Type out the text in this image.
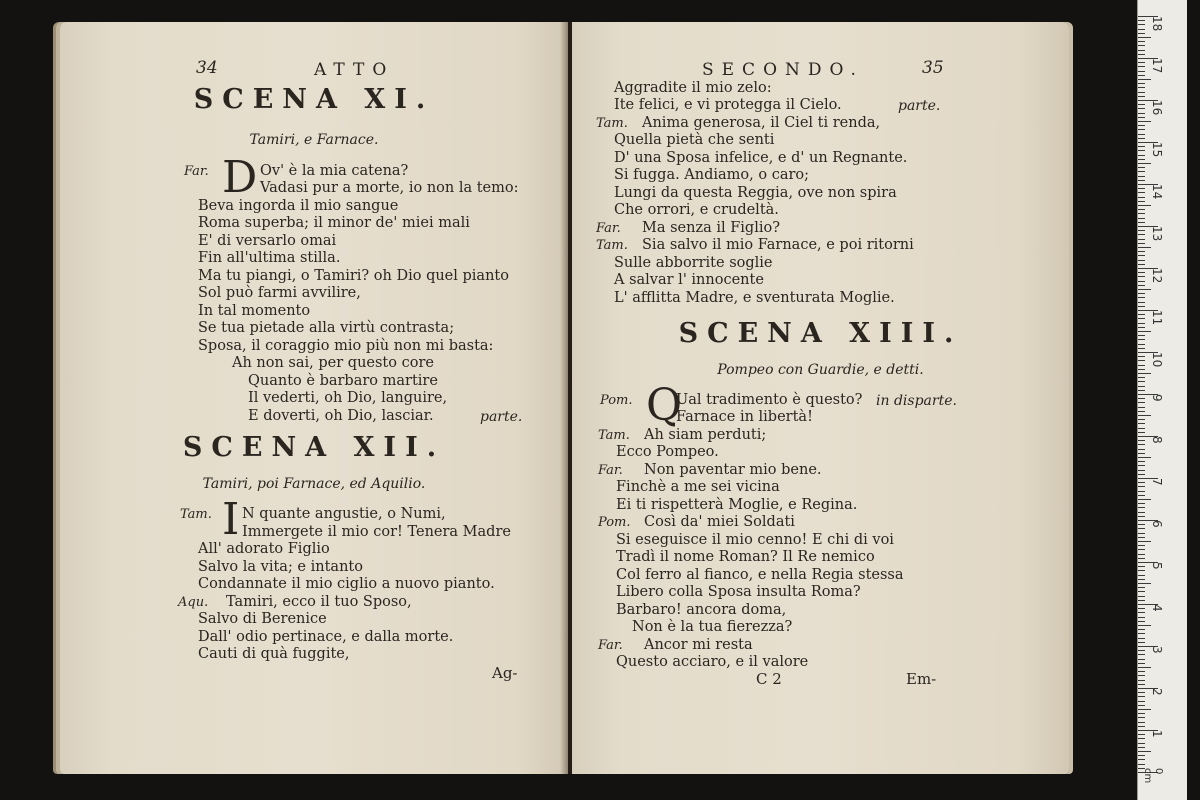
34	ATTO
SCENA XI.
Tamiri, e Farnace.
Far. D Ov' è la mia catena?
Vadasi pur a morte, io non la temo:
Beva ingorda il mio sangue
Roma superba; il minor de' miei mali
E' di versarlo omai
Fin all'ultima stilla.
Ma tu piangi, o Tamiri? oh Dio quel pianto
Sol può farmi avvilire,
In tal momento
Se tua pietade alla virtù contrasta;
Sposa, il coraggio mio più non mi basta:
Ah non sai, per questo core
Quanto è barbaro martire
Il vederti, oh Dio, languire,
E doverti, oh Dio, lasciar.	parte.
SCENA XII.
Tamiri, poi Farnace, ed Aquilio.
Tam. I N quante angustie, o Numi,
Immergete il mio cor! Tenera Madre
All' adorato Figlio
Salvo la vita; e intanto
Condannate il mio ciglio a nuovo pianto.
Aqu. Tamiri, ecco il tuo Sposo,
Salvo di Berenice
Dall' odio pertinace, e dalla morte.
Cauti di quà fuggite,
Ag-
SECONDO.	35
Aggradite il mio zelo:
Ite felici, e vi protegga il Cielo.	parte.
Tam. Anima generosa, il Ciel ti renda,
Quella pietà che senti
D' una Sposa infelice, e d' un Regnante.
Si fugga. Andiamo, o caro;
Lungi da questa Reggia, ove non spira
Che orrori, e crudeltà.
Far. Ma senza il Figlio?
Tam. Sia salvo il mio Farnace, e poi ritorni
Sulle abborrite soglie
A salvar l' innocente
L' afflitta Madre, e sventurata Moglie.
SCENA XIII.
Pompeo con Guardie, e detti.
Pom. Q
Ual tradimento è questo? in disparte.
Farnace in libertà!
Tam. Ah siam perduti;
Ecco Pompeo.
Far. Non paventar mio bene.
Finchè a me sei vicina
Ei ti rispetterà Moglie, e Regina.
Pom. Così da' miei Soldati
Si eseguisce il mio cenno! E chi di voi
Tradì il nome Roman? Il Re nemico
Col ferro al fianco, e nella Regia stessa
Libero colla Sposa insulta Roma?
Barbaro! ancora doma,
Non è la tua fierezza?
Far. Ancor mi resta
Questo acciaro, e il valore
C 2	Em-
0 cm
1
2
3
4
5
6
7
8
9
10
11
12
13
14
15
16
17
18
